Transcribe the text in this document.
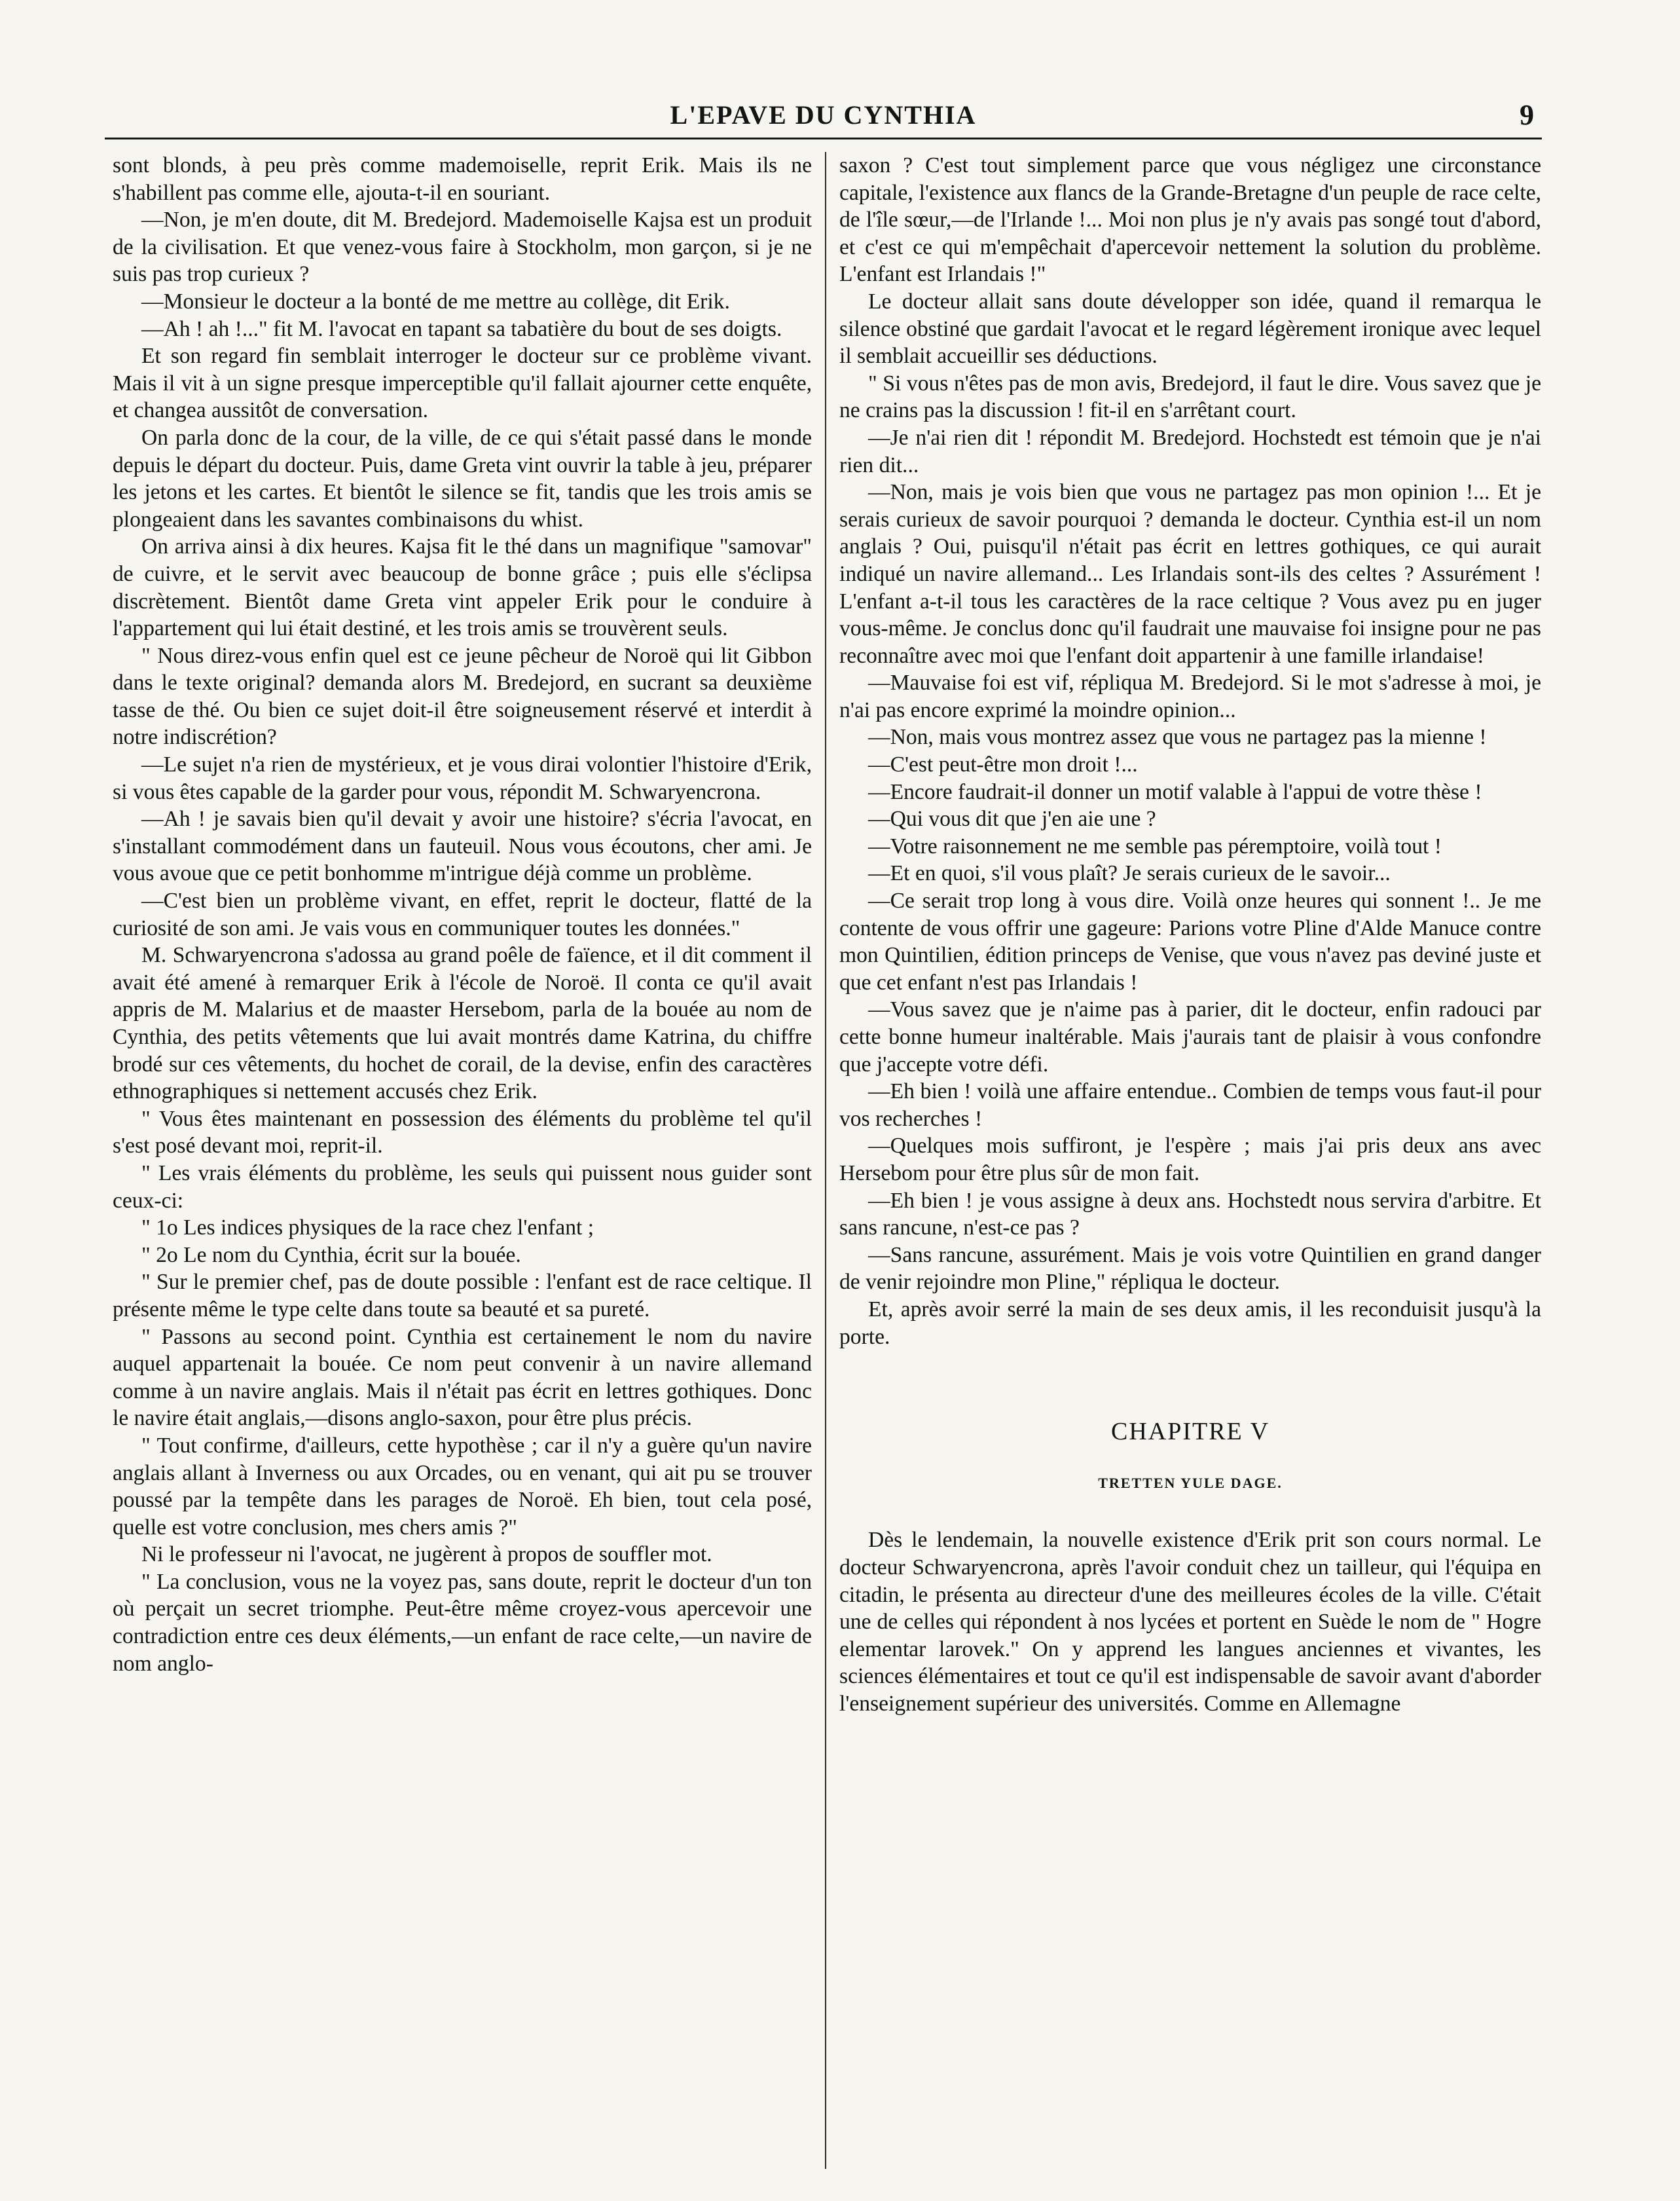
L'EPAVE DU CYNTHIA	9

sont blonds, à peu près comme mademoiselle, reprit Erik. Mais ils ne s'habillent pas comme elle, ajouta-t-il en souriant.

—Non, je m'en doute, dit M. Bredejord. Mademoiselle Kajsa est un produit de la civilisation. Et que venez-vous faire à Stockholm, mon garçon, si je ne suis pas trop curieux ?

—Monsieur le docteur a la bonté de me mettre au collège, dit Erik.

—Ah ! ah !..." fit M. l'avocat en tapant sa tabatière du bout de ses doigts.

Et son regard fin semblait interroger le docteur sur ce problème vivant. Mais il vit à un signe presque imperceptible qu'il fallait ajourner cette enquête, et changea aussitôt de conversation.

On parla donc de la cour, de la ville, de ce qui s'était passé dans le monde depuis le départ du docteur. Puis, dame Greta vint ouvrir la table à jeu, préparer les jetons et les cartes. Et bientôt le silence se fit, tandis que les trois amis se plongeaient dans les savantes combinaisons du whist.

On arriva ainsi à dix heures. Kajsa fit le thé dans un magnifique "samovar" de cuivre, et le servit avec beaucoup de bonne grâce ; puis elle s'éclipsa discrètement. Bientôt dame Greta vint appeler Erik pour le conduire à l'appartement qui lui était destiné, et les trois amis se trouvèrent seuls.

" Nous direz-vous enfin quel est ce jeune pêcheur de Noroë qui lit Gibbon dans le texte original? demanda alors M. Bredejord, en sucrant sa deuxième tasse de thé. Ou bien ce sujet doit-il être soigneusement réservé et interdit à notre indiscrétion?

—Le sujet n'a rien de mystérieux, et je vous dirai volontier l'histoire d'Erik, si vous êtes capable de la garder pour vous, répondit M. Schwaryencrona.

—Ah ! je savais bien qu'il devait y avoir une histoire? s'écria l'avocat, en s'installant commodément dans un fauteuil. Nous vous écoutons, cher ami. Je vous avoue que ce petit bonhomme m'intrigue déjà comme un problème.

—C'est bien un problème vivant, en effet, reprit le docteur, flatté de la curiosité de son ami. Je vais vous en communiquer toutes les données."

M. Schwaryencrona s'adossa au grand poêle de faïence, et il dit comment il avait été amené à remarquer Erik à l'école de Noroë. Il conta ce qu'il avait appris de M. Malarius et de maaster Hersebom, parla de la bouée au nom de Cynthia, des petits vêtements que lui avait montrés dame Katrina, du chiffre brodé sur ces vêtements, du hochet de corail, de la devise, enfin des caractères ethnographiques si nettement accusés chez Erik.

" Vous êtes maintenant en possession des éléments du problème tel qu'il s'est posé devant moi, reprit-il.

" Les vrais éléments du problème, les seuls qui puissent nous guider sont ceux-ci:

" 1o Les indices physiques de la race chez l'enfant ;

" 2o Le nom du Cynthia, écrit sur la bouée.

" Sur le premier chef, pas de doute possible : l'enfant est de race celtique. Il présente même le type celte dans toute sa beauté et sa pureté.

" Passons au second point. Cynthia est certainement le nom du navire auquel appartenait la bouée. Ce nom peut convenir à un navire allemand comme à un navire anglais. Mais il n'était pas écrit en lettres gothiques. Donc le navire était anglais,—disons anglo-saxon, pour être plus précis.

" Tout confirme, d'ailleurs, cette hypothèse ; car il n'y a guère qu'un navire anglais allant à Inverness ou aux Orcades, ou en venant, qui ait pu se trouver poussé par la tempête dans les parages de Noroë. Eh bien, tout cela posé, quelle est votre conclusion, mes chers amis ?"

Ni le professeur ni l'avocat, ne jugèrent à propos de souffler mot.

" La conclusion, vous ne la voyez pas, sans doute, reprit le docteur d'un ton où perçait un secret triomphe. Peut-être même croyez-vous apercevoir une contradiction entre ces deux éléments,—un enfant de race celte,—un navire de nom anglo-

saxon ? C'est tout simplement parce que vous négligez une circonstance capitale, l'existence aux flancs de la Grande-Bretagne d'un peuple de race celte, de l'île sœur,—de l'Irlande !... Moi non plus je n'y avais pas songé tout d'abord, et c'est ce qui m'empêchait d'apercevoir nettement la solution du problème. L'enfant est Irlandais !"

Le docteur allait sans doute développer son idée, quand il remarqua le silence obstiné que gardait l'avocat et le regard légèrement ironique avec lequel il semblait accueillir ses déductions.

" Si vous n'êtes pas de mon avis, Bredejord, il faut le dire. Vous savez que je ne crains pas la discussion ! fit-il en s'arrêtant court.

—Je n'ai rien dit ! répondit M. Bredejord. Hochstedt est témoin que je n'ai rien dit...

—Non, mais je vois bien que vous ne partagez pas mon opinion !... Et je serais curieux de savoir pourquoi ? demanda le docteur. Cynthia est-il un nom anglais ? Oui, puisqu'il n'était pas écrit en lettres gothiques, ce qui aurait indiqué un navire allemand... Les Irlandais sont-ils des celtes ? Assurément ! L'enfant a-t-il tous les caractères de la race celtique ? Vous avez pu en juger vous-même. Je conclus donc qu'il faudrait une mauvaise foi insigne pour ne pas reconnaître avec moi que l'enfant doit appartenir à une famille irlandaise!

—Mauvaise foi est vif, répliqua M. Bredejord. Si le mot s'adresse à moi, je n'ai pas encore exprimé la moindre opinion...

—Non, mais vous montrez assez que vous ne partagez pas la mienne !

—C'est peut-être mon droit !...

—Encore faudrait-il donner un motif valable à l'appui de votre thèse !

—Qui vous dit que j'en aie une ?

—Votre raisonnement ne me semble pas péremptoire, voilà tout !

—Et en quoi, s'il vous plaît? Je serais curieux de le savoir...

—Ce serait trop long à vous dire. Voilà onze heures qui sonnent !.. Je me contente de vous offrir une gageure: Parions votre Pline d'Alde Manuce contre mon Quintilien, édition princeps de Venise, que vous n'avez pas deviné juste et que cet enfant n'est pas Irlandais !

—Vous savez que je n'aime pas à parier, dit le docteur, enfin radouci par cette bonne humeur inaltérable. Mais j'aurais tant de plaisir à vous confondre que j'accepte votre défi.

—Eh bien ! voilà une affaire entendue.. Combien de temps vous faut-il pour vos recherches !

—Quelques mois suffiront, je l'espère ; mais j'ai pris deux ans avec Hersebom pour être plus sûr de mon fait.

—Eh bien ! je vous assigne à deux ans. Hochstedt nous servira d'arbitre. Et sans rancune, n'est-ce pas ?

—Sans rancune, assurément. Mais je vois votre Quintilien en grand danger de venir rejoindre mon Pline," répliqua le docteur.

Et, après avoir serré la main de ses deux amis, il les reconduisit jusqu'à la porte.

CHAPITRE V
TRETTEN YULE DAGE.

Dès le lendemain, la nouvelle existence d'Erik prit son cours normal. Le docteur Schwaryencrona, après l'avoir conduit chez un tailleur, qui l'équipa en citadin, le présenta au directeur d'une des meilleures écoles de la ville. C'était une de celles qui répondent à nos lycées et portent en Suède le nom de " Hogre elementar larovek." On y apprend les langues anciennes et vivantes, les sciences élémentaires et tout ce qu'il est indispensable de savoir avant d'aborder l'enseignement supérieur des universités. Comme en Allemagne
